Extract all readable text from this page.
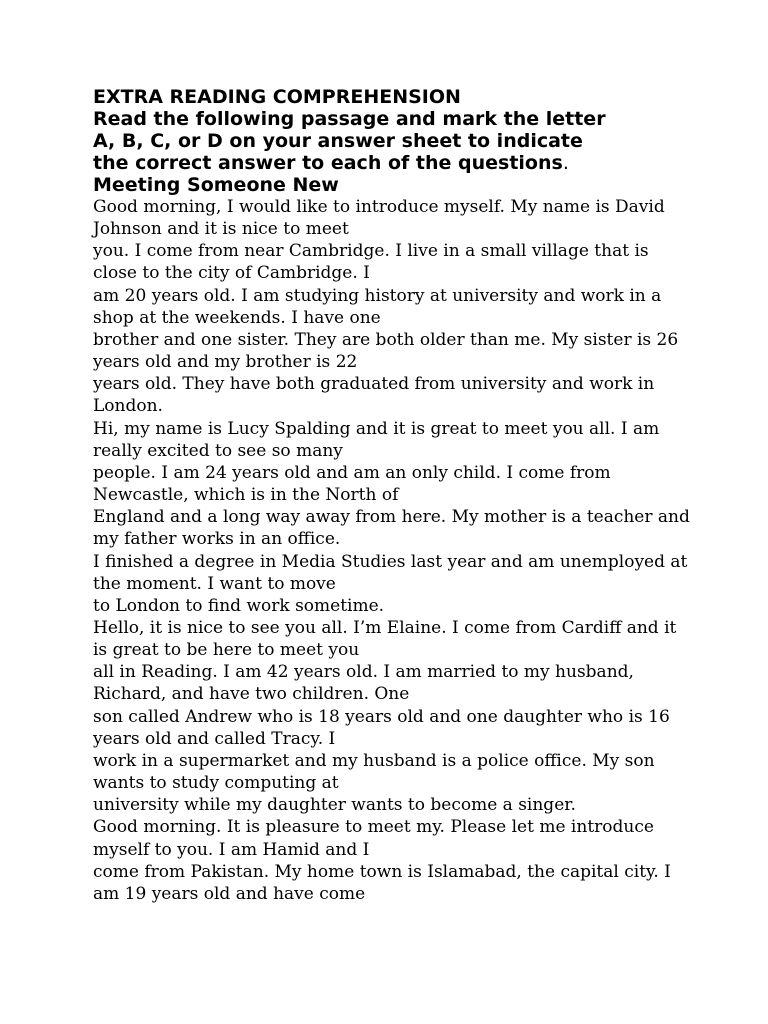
EXTRA READING COMPREHENSION
Read the following passage and mark the letter
A, B, C, or D on your answer sheet to indicate
the correct answer to each of the questions.
Meeting Someone New
Good morning, I would like to introduce myself. My name is David
Johnson and it is nice to meet
you. I come from near Cambridge. I live in a small village that is
close to the city of Cambridge. I
am 20 years old. I am studying history at university and work in a
shop at the weekends. I have one
brother and one sister. They are both older than me. My sister is 26
years old and my brother is 22
years old. They have both graduated from university and work in
London.
Hi, my name is Lucy Spalding and it is great to meet you all. I am
really excited to see so many
people. I am 24 years old and am an only child. I come from
Newcastle, which is in the North of
England and a long way away from here. My mother is a teacher and
my father works in an office.
I finished a degree in Media Studies last year and am unemployed at
the moment. I want to move
to London to find work sometime.
Hello, it is nice to see you all. I’m Elaine. I come from Cardiff and it
is great to be here to meet you
all in Reading. I am 42 years old. I am married to my husband,
Richard, and have two children. One
son called Andrew who is 18 years old and one daughter who is 16
years old and called Tracy. I
work in a supermarket and my husband is a police office. My son
wants to study computing at
university while my daughter wants to become a singer.
Good morning. It is pleasure to meet my. Please let me introduce
myself to you. I am Hamid and I
come from Pakistan. My home town is Islamabad, the capital city. I
am 19 years old and have come
